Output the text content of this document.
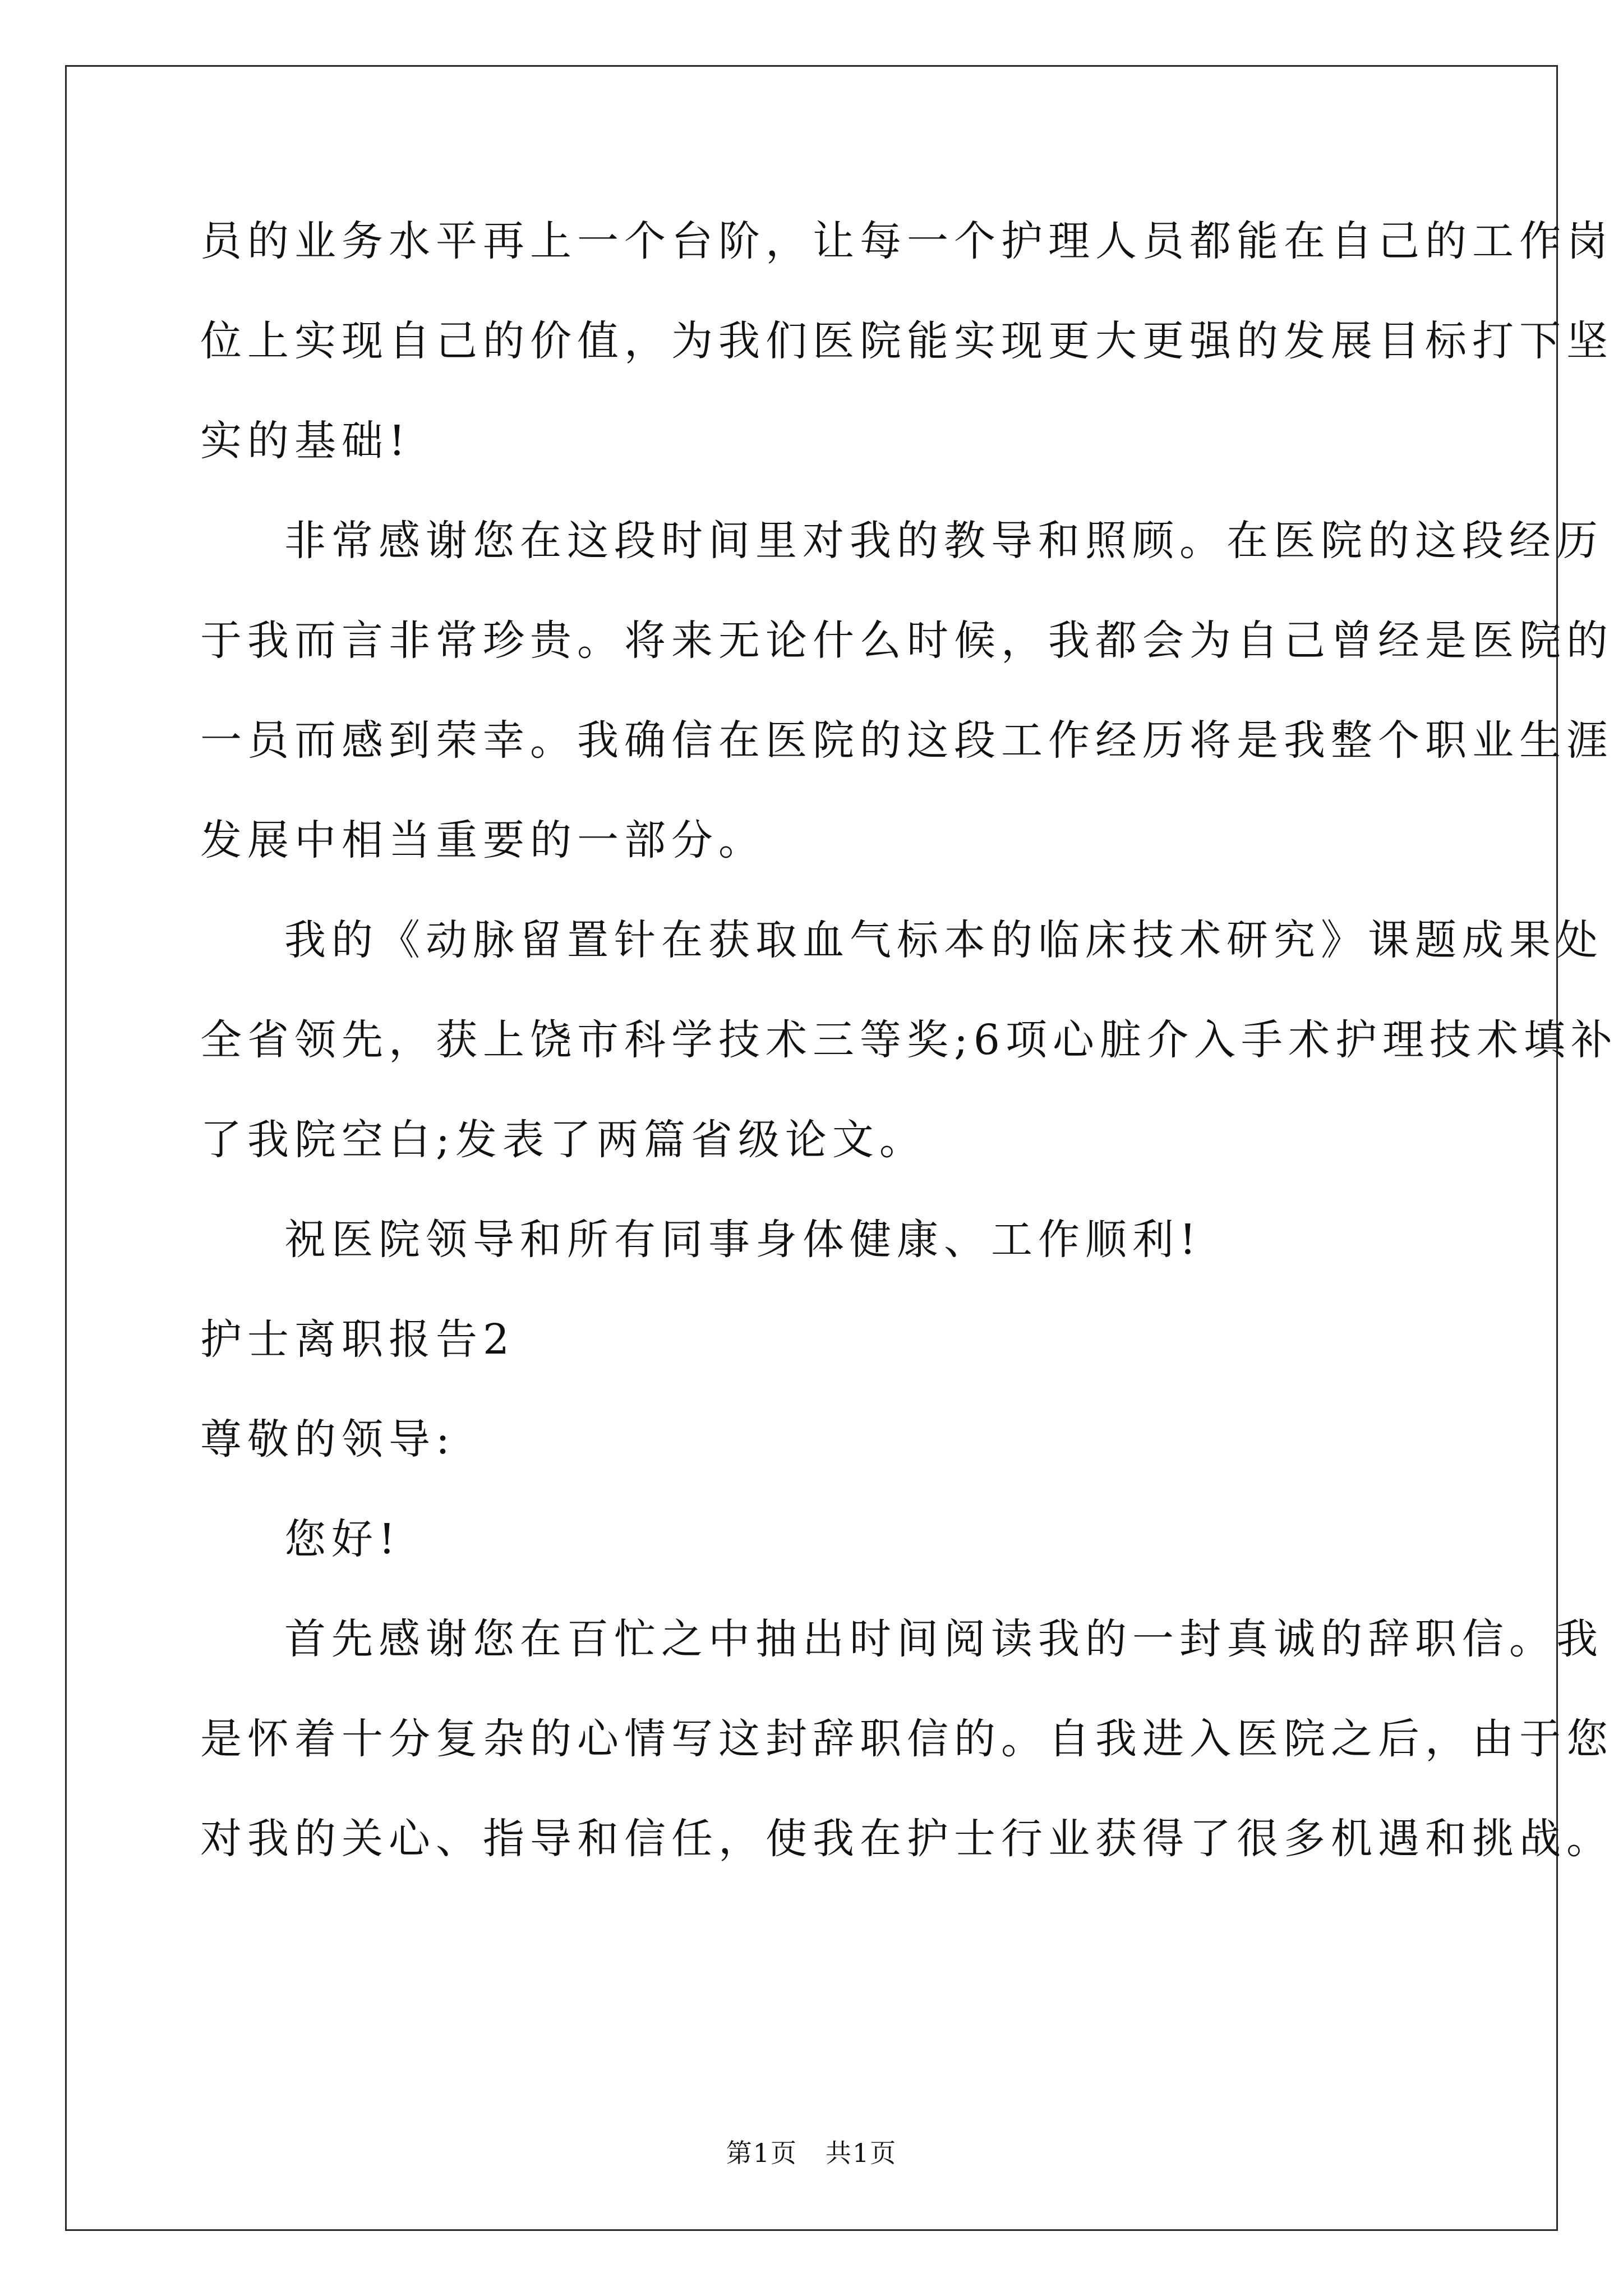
员的业务水平再上一个台阶，让每一个护理人员都能在自己的工作岗
位上实现自己的价值，为我们医院能实现更大更强的发展目标打下坚
实的基础!
非常感谢您在这段时间里对我的教导和照顾。在医院的这段经历
于我而言非常珍贵。将来无论什么时候，我都会为自己曾经是医院的
一员而感到荣幸。我确信在医院的这段工作经历将是我整个职业生涯
发展中相当重要的一部分。
我的《动脉留置针在获取血气标本的临床技术研究》课题成果处
全省领先，获上饶市科学技术三等奖;6项心脏介入手术护理技术填补
了我院空白;发表了两篇省级论文。
祝医院领导和所有同事身体健康、工作顺利!
护士离职报告2
尊敬的领导:
您好!
首先感谢您在百忙之中抽出时间阅读我的一封真诚的辞职信。我
是怀着十分复杂的心情写这封辞职信的。自我进入医院之后，由于您
对我的关心、指导和信任，使我在护士行业获得了很多机遇和挑战。
第1页 共1页
